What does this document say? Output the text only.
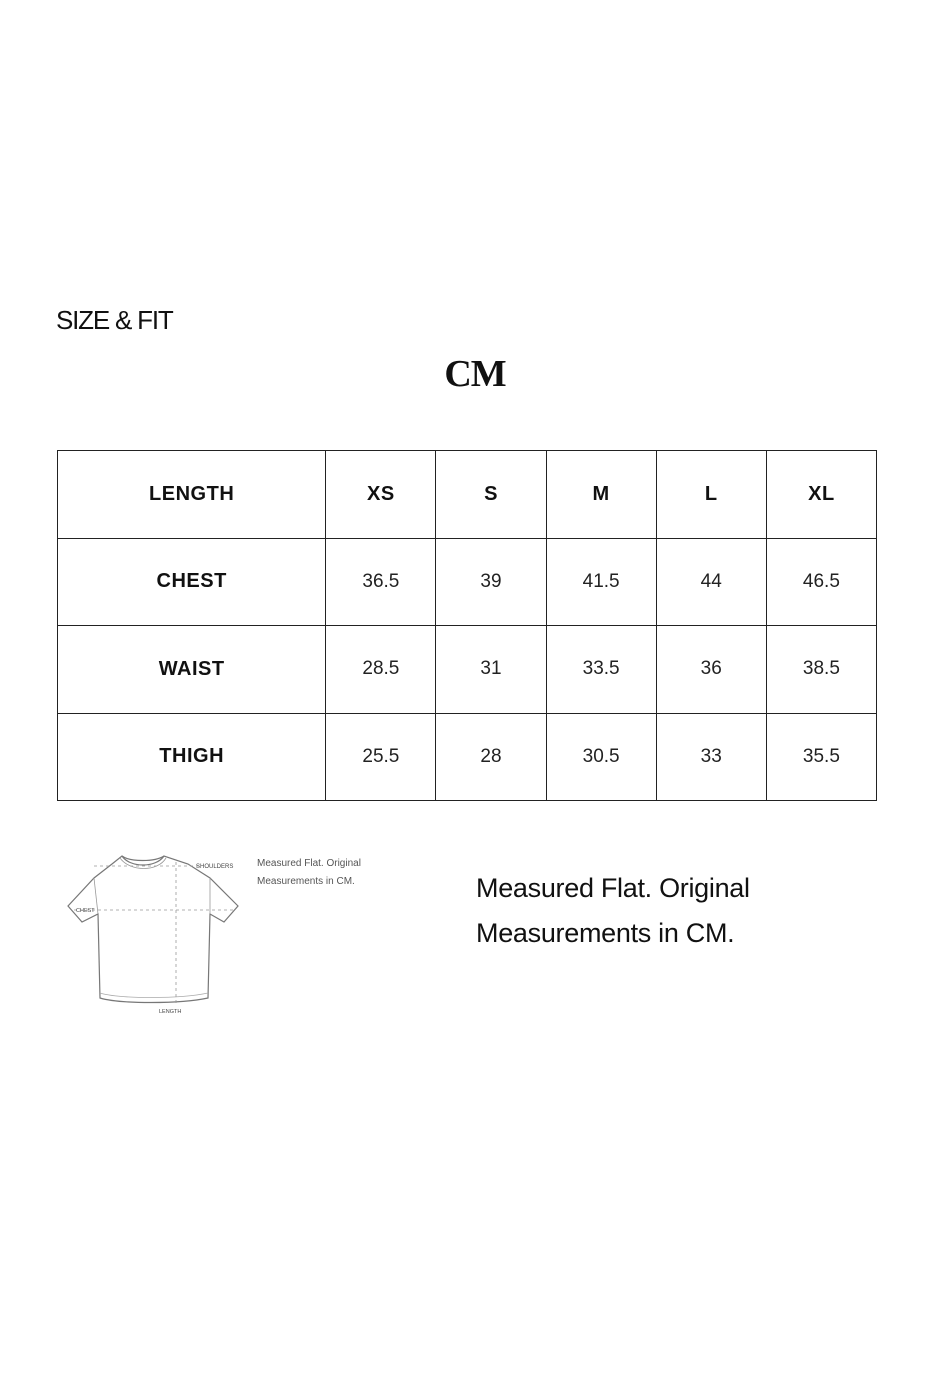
SIZE & FIT
CM
LENGTH	XS	S	M	L	XL
CHEST	36.5	39	41.5	44	46.5
WAIST	28.5	31	33.5	36	38.5
THIGH	25.5	28	30.5	33	35.5
SHOULDERS
CHEST
LENGTH
Measured Flat. Original
Measurements in CM.	Measured Flat. Original
Measurements in CM.
